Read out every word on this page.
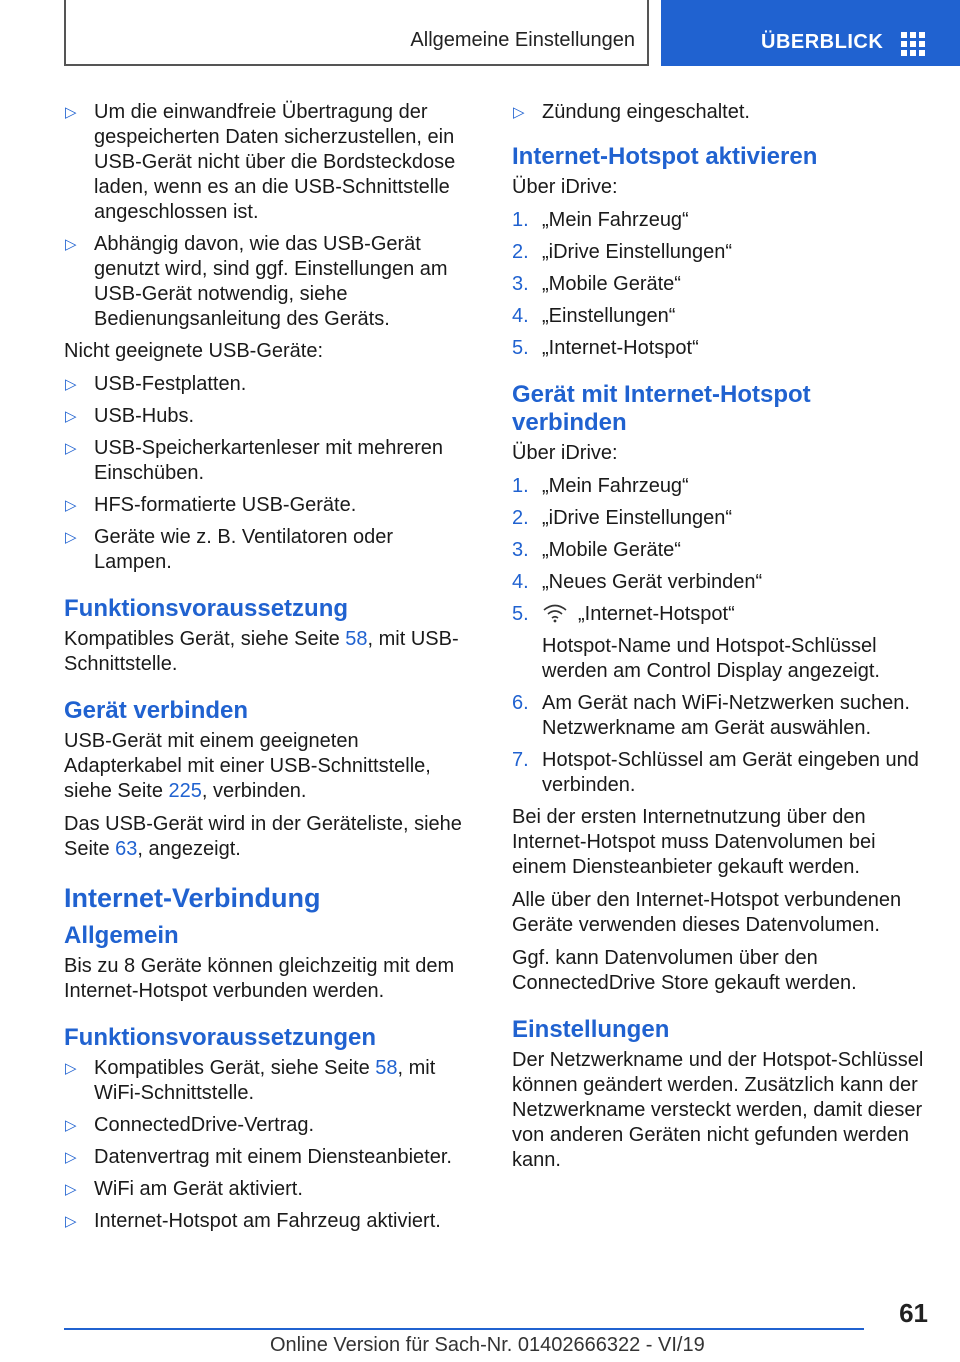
Allgemeine Einstellungen	ÜBERBLICK
▷ Um die einwandfreie Übertragung der gespeicherten Daten sicherzustellen, ein USB-Gerät nicht über die Bordsteckdose laden, wenn es an die USB-Schnittstelle angeschlossen ist.
▷ Abhängig davon, wie das USB-Gerät genutzt wird, sind ggf. Einstellungen am USB-Gerät notwendig, siehe Bedienungsanleitung des Geräts.

Nicht geeignete USB-Geräte:

▷ USB-Festplatten.
▷ USB-Hubs.
▷ USB-Speicherkartenleser mit mehreren Einschüben.
▷ HFS-formatierte USB-Geräte.
▷ Geräte wie z. B. Ventilatoren oder Lampen.
Funktionsvoraussetzung

Kompatibles Gerät, siehe Seite 58, mit USB-Schnittstelle.

Gerät verbinden

USB-Gerät mit einem geeigneten Adapterkabel mit einer USB-Schnittstelle, siehe Seite 225, verbinden.

Das USB-Gerät wird in der Geräteliste, siehe Seite 63, angezeigt.

Internet-Verbindung
Allgemein

Bis zu 8 Geräte können gleichzeitig mit dem Internet-Hotspot verbunden werden.

Funktionsvoraussetzungen
▷ Kompatibles Gerät, siehe Seite 58, mit WiFi-Schnittstelle.
▷ ConnectedDrive-Vertrag.
▷ Datenvertrag mit einem Diensteanbieter.
▷ WiFi am Gerät aktiviert.
▷ Internet-Hotspot am Fahrzeug aktiviert.
▷ Zündung eingeschaltet.
Internet-Hotspot aktivieren

Über iDrive:

1. „Mein Fahrzeug“
2. „iDrive Einstellungen“
3. „Mobile Geräte“
4. „Einstellungen“
5. „Internet-Hotspot“
Gerät mit Internet-Hotspot verbinden

Über iDrive:

1. „Mein Fahrzeug“
2. „iDrive Einstellungen“
3. „Mobile Geräte“
4. „Neues Gerät verbinden“
5. „Internet-Hotspot“

Hotspot-Name und Hotspot-Schlüssel werden am Control Display angezeigt.
6. Am Gerät nach WiFi-Netzwerken suchen. Netzwerkname am Gerät auswählen.
7. Hotspot-Schlüssel am Gerät eingeben und verbinden.

Bei der ersten Internetnutzung über den Internet-Hotspot muss Datenvolumen bei einem Diensteanbieter gekauft werden.

Alle über den Internet-Hotspot verbundenen Geräte verwenden dieses Datenvolumen.

Ggf. kann Datenvolumen über den ConnectedDrive Store gekauft werden.

Einstellungen

Der Netzwerkname und der Hotspot-Schlüssel können geändert werden. Zusätzlich kann der Netzwerkname versteckt werden, damit dieser von anderen Geräten nicht gefunden werden kann.

61
Online Version für Sach-Nr. 01402666322 - VI/19
